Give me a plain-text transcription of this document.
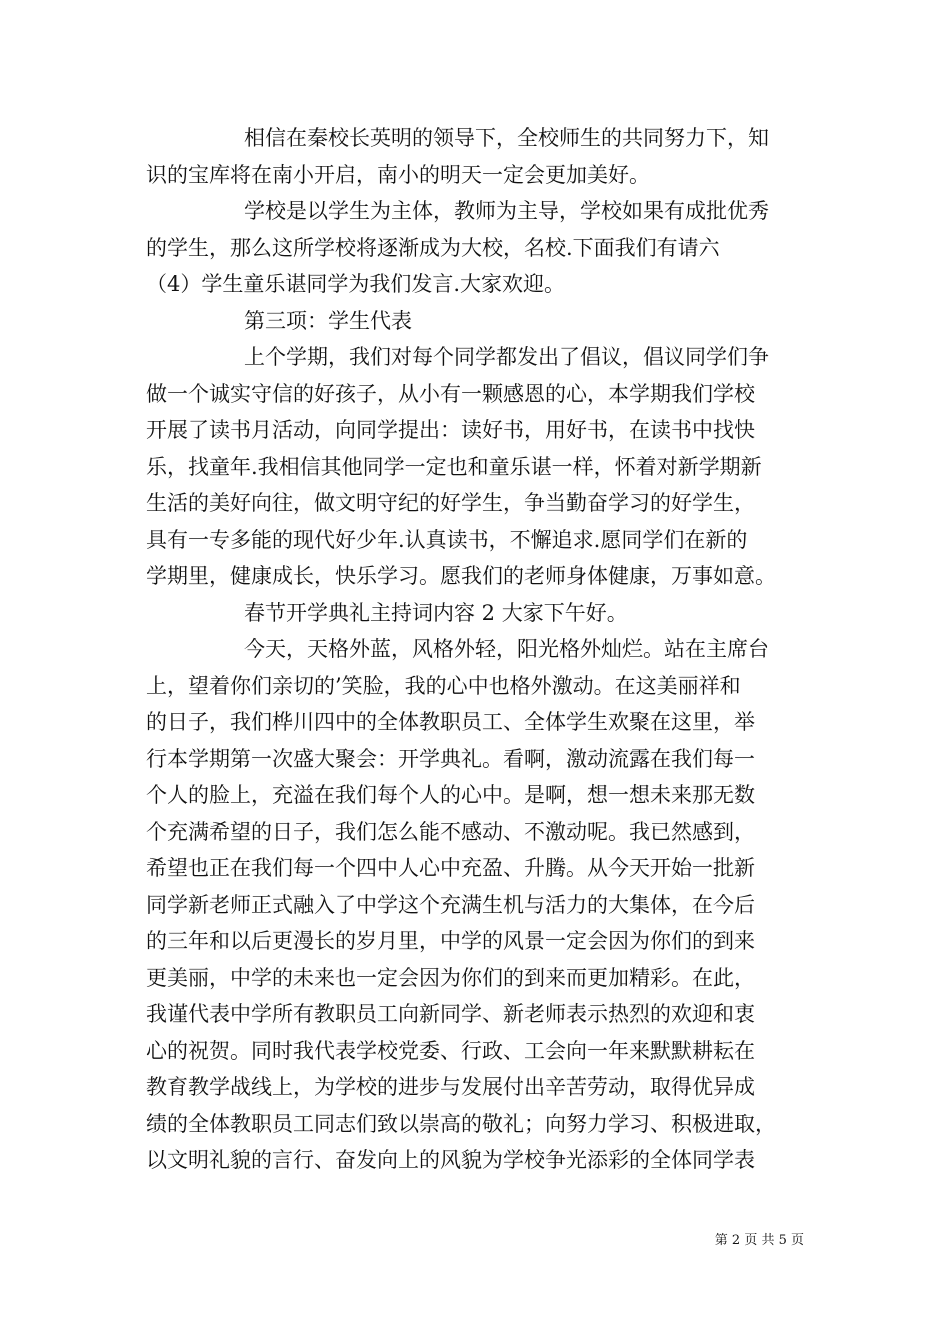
相信在秦校长英明的领导下，全校师生的共同努力下，知
识的宝库将在南小开启，南小的明天一定会更加美好。
学校是以学生为主体，教师为主导，学校如果有成批优秀
的学生，那么这所学校将逐渐成为大校，名校.下面我们有请六
（4）学生童乐谌同学为我们发言.大家欢迎。
第三项：学生代表
上个学期，我们对每个同学都发出了倡议，倡议同学们争
做一个诚实守信的好孩子，从小有一颗感恩的心，本学期我们学校
开展了读书月活动，向同学提出：读好书，用好书，在读书中找快
乐，找童年.我相信其他同学一定也和童乐谌一样，怀着对新学期新
生活的美好向往，做文明守纪的好学生，争当勤奋学习的好学生，
具有一专多能的现代好少年.认真读书，不懈追求.愿同学们在新的
学期里，健康成长，快乐学习。愿我们的老师身体健康，万事如意。
春节开学典礼主持词内容 2 大家下午好。
今天，天格外蓝，风格外轻，阳光格外灿烂。站在主席台
上，望着你们亲切的’笑脸，我的心中也格外激动。在这美丽祥和
的日子，我们桦川四中的全体教职员工、全体学生欢聚在这里，举
行本学期第一次盛大聚会：开学典礼。看啊，激动流露在我们每一
个人的脸上，充溢在我们每个人的心中。是啊，想一想未来那无数
个充满希望的日子，我们怎么能不感动、不激动呢。我已然感到，
希望也正在我们每一个四中人心中充盈、升腾。从今天开始一批新
同学新老师正式融入了中学这个充满生机与活力的大集体，在今后
的三年和以后更漫长的岁月里，中学的风景一定会因为你们的到来
更美丽，中学的未来也一定会因为你们的到来而更加精彩。在此，
我谨代表中学所有教职员工向新同学、新老师表示热烈的欢迎和衷
心的祝贺。同时我代表学校党委、行政、工会向一年来默默耕耘在
教育教学战线上，为学校的进步与发展付出辛苦劳动，取得优异成
绩的全体教职员工同志们致以崇高的敬礼；向努力学习、积极进取，
以文明礼貌的言行、奋发向上的风貌为学校争光添彩的全体同学表
第 2 页 共 5 页
